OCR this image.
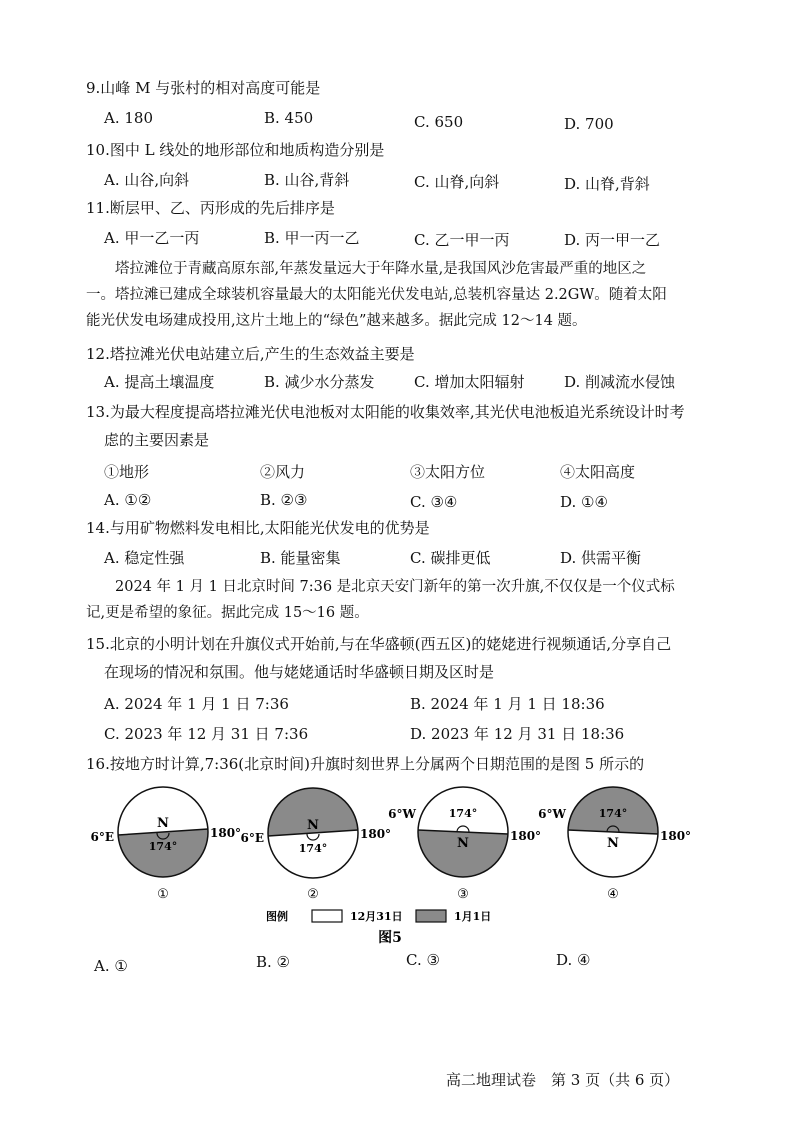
9.山峰 M 与张村的相对高度可能是
A. 180	B. 450	C. 650	D. 700
10.图中 L 线处的地形部位和地质构造分别是
A. 山谷,向斜	B. 山谷,背斜	C. 山脊,向斜	D. 山脊,背斜
11.断层甲、乙、丙形成的先后排序是
A. 甲一乙一丙	B. 甲一丙一乙	C. 乙一甲一丙	D. 丙一甲一乙
塔拉滩位于青藏高原东部,年蒸发量远大于年降水量,是我国风沙危害最严重的地区之
一。塔拉滩已建成全球装机容量最大的太阳能光伏发电站,总装机容量达 2.2GW。随着太阳
能光伏发电场建成投用,这片土地上的“绿色”越来越多。据此完成 12～14 题。
12.塔拉滩光伏电站建立后,产生的生态效益主要是
A. 提高土壤温度	B. 减少水分蒸发	C. 增加太阳辐射	D. 削减流水侵蚀
13.为最大程度提高塔拉滩光伏电池板对太阳能的收集效率,其光伏电池板追光系统设计时考
虑的主要因素是
①地形	②风力	③太阳方位	④太阳高度
A. ①②	B. ②③	C. ③④	D. ①④
14.与用矿物燃料发电相比,太阳能光伏发电的优势是
A. 稳定性强	B. 能量密集	C. 碳排更低	D. 供需平衡
2024 年 1 月 1 日北京时间 7:36 是北京天安门新年的第一次升旗,不仅仅是一个仪式标
记,更是希望的象征。据此完成 15～16 题。
15.北京的小明计划在升旗仪式开始前,与在华盛顿(西五区)的姥姥进行视频通话,分享自己
在现场的情况和氛围。他与姥姥通话时华盛顿日期及区时是
A. 2024 年 1 月 1 日 7:36	B. 2024 年 1 月 1 日 18:36
C. 2023 年 12 月 31 日 7:36	D. 2023 年 12 月 31 日 18:36
16.按地方时计算,7:36(北京时间)升旗时刻世界上分属两个日期范围的是图 5 所示的
N
174°
6°E	180°
①
N
174°
6°E	180°
②
174°
N
6°W
180°
③
174°
N
6°W
180°
④
图例	12月31日	1月1日
图5
A. ①	B. ②	C. ③	D. ④
高二地理试卷　第 3 页（共 6 页）
